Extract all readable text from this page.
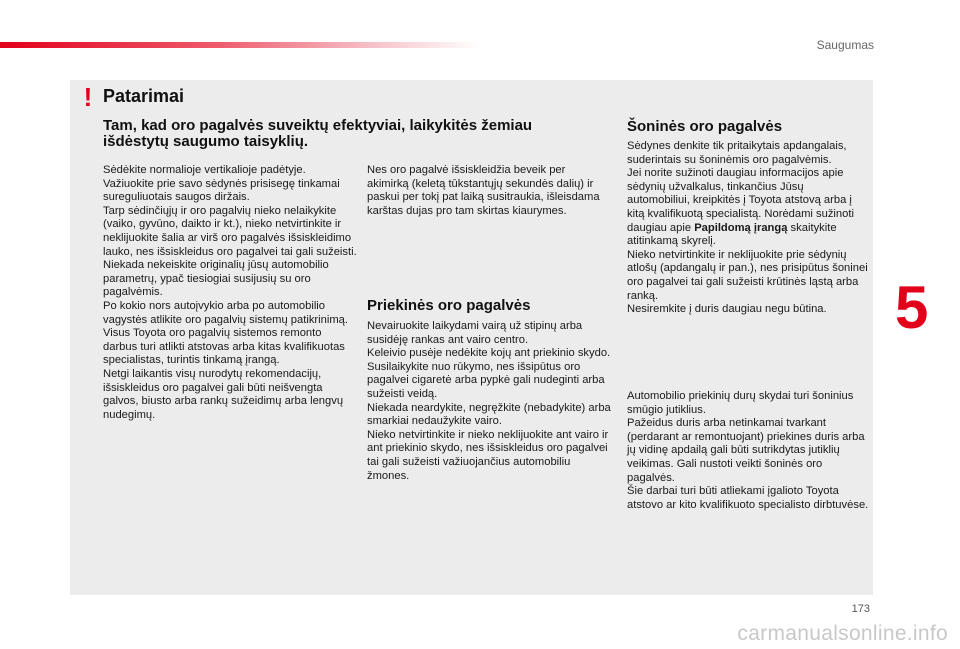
Saugumas
! Patarimai
Tam, kad oro pagalvės suveiktų efektyviai, laikykitės žemiau išdėstytų saugumo taisyklių.

Sėdėkite normalioje vertikalioje padėtyje.

Važiuokite prie savo sėdynės prisisegę tinkamai sureguliuotais saugos diržais.

Tarp sėdinčiųjų ir oro pagalvių nieko nelaikykite (vaiko, gyvūno, daikto ir kt.), nieko netvirtinkite ir neklijuokite šalia ar virš oro pagalvės išsiskleidimo lauko, nes išsiskleidus oro pagalvei tai gali sužeisti.

Niekada nekeiskite originalių jūsų automobilio parametrų, ypač tiesiogiai susijusių su oro pagalvėmis.

Po kokio nors autoįvykio arba po automobilio vagystės atlikite oro pagalvių sistemų patikrinimą.

Visus Toyota oro pagalvių sistemos remonto darbus turi atlikti atstovas arba kitas kvalifikuotas specialistas, turintis tinkamą įrangą.

Netgi laikantis visų nurodytų rekomendacijų, išsiskleidus oro pagalvei gali būti neišvengta galvos, biusto arba rankų sužeidimų arba lengvų nudegimų.

Nes oro pagalvė išsiskleidžia beveik per akimirką (keletą tūkstantųjų sekundės dalių) ir paskui per tokį pat laiką susitraukia, išleisdama karštas dujas pro tam skirtas kiaurymes.

Priekinės oro pagalvės

Nevairuokite laikydami vairą už stipinų arba susidėję rankas ant vairo centro.

Keleivio pusėje nedėkite kojų ant priekinio skydo.

Susilaikykite nuo rūkymo, nes išsipūtus oro pagalvei cigaretė arba pypkė gali nudeginti arba sužeisti veidą.

Niekada neardykite, negręžkite (nebadykite) arba smarkiai nedaužykite vairo.

Nieko netvirtinkite ir nieko neklijuokite ant vairo ir ant priekinio skydo, nes išsiskleidus oro pagalvei tai gali sužeisti važiuojančius automobiliu žmones.

Šoninės oro pagalvės

Sėdynes denkite tik pritaikytais apdangalais, suderintais su šoninėmis oro pagalvėmis.

Jei norite sužinoti daugiau informacijos apie sėdynių užvalkalus, tinkančius Jūsų automobiliui, kreipkitės į Toyota atstovą arba į kitą kvalifikuotą specialistą. Norėdami sužinoti daugiau apie Papildomą įrangą skaitykite atitinkamą skyrelį.

Nieko netvirtinkite ir neklijuokite prie sėdynių atlošų (apdangalų ir pan.), nes prisipūtus šoninei oro pagalvei tai gali sužeisti krūtinės ląstą arba ranką.

Nesiremkite į duris daugiau negu būtina.

Automobilio priekinių durų skydai turi šoninius smūgio jutiklius.

Pažeidus duris arba netinkamai tvarkant (perdarant ar remontuojant) priekines duris arba jų vidinę apdailą gali būti sutrikdytas jutiklių veikimas. Gali nustoti veikti šoninės oro pagalvės.

Šie darbai turi būti atliekami įgalioto Toyota atstovo ar kito kvalifikuoto specialisto dirbtuvėse.

5
173
carmanualsonline.info
